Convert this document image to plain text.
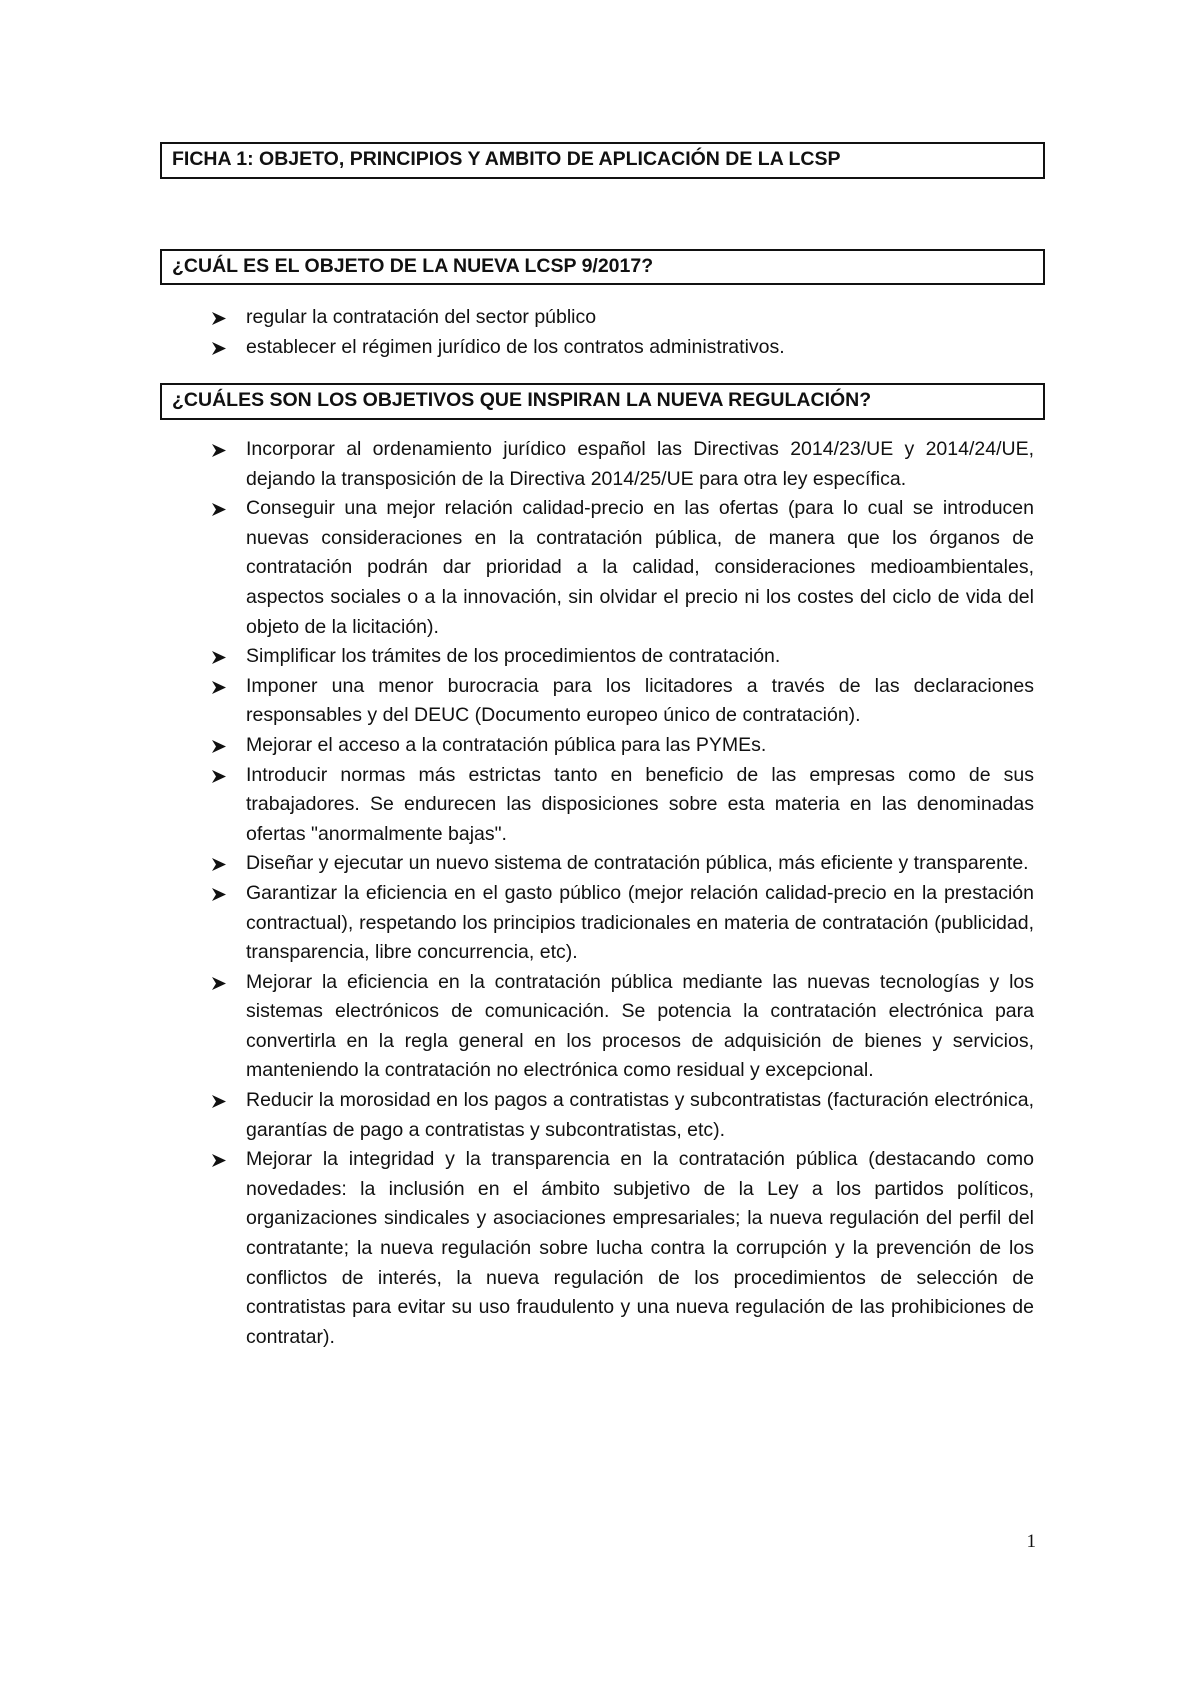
FICHA 1: OBJETO, PRINCIPIOS Y AMBITO DE APLICACIÓN DE LA LCSP
¿CUÁL ES EL OBJETO DE LA NUEVA LCSP 9/2017?
regular la contratación del sector público
establecer el régimen jurídico de los contratos administrativos.
¿CUÁLES SON LOS OBJETIVOS QUE INSPIRAN LA NUEVA REGULACIÓN?
Incorporar al ordenamiento jurídico español las Directivas 2014/23/UE y 2014/24/UE, dejando la transposición de la Directiva 2014/25/UE para otra ley específica.
Conseguir una mejor relación calidad-precio en las ofertas (para lo cual se introducen nuevas consideraciones en la contratación pública, de manera que los órganos de contratación podrán dar prioridad a la calidad, consideraciones medioambientales, aspectos sociales o a la innovación, sin olvidar el precio ni los costes del ciclo de vida del objeto de la licitación).
Simplificar los trámites de los procedimientos de contratación.
Imponer una menor burocracia para los licitadores a través de las declaraciones responsables y del DEUC (Documento europeo único de contratación).
Mejorar el acceso a la contratación pública para las PYMEs.
Introducir normas más estrictas tanto en beneficio de las empresas como de sus trabajadores. Se endurecen las disposiciones sobre esta materia en las denominadas ofertas "anormalmente bajas".
Diseñar y ejecutar un nuevo sistema de contratación pública, más eficiente y transparente.
Garantizar la eficiencia en el gasto público (mejor relación calidad-precio en la prestación contractual), respetando los principios tradicionales en materia de contratación (publicidad, transparencia, libre concurrencia, etc).
Mejorar la eficiencia en la contratación pública mediante las nuevas tecnologías y los sistemas electrónicos de comunicación. Se potencia la contratación electrónica para convertirla en la regla general en los procesos de adquisición de bienes y servicios, manteniendo la contratación no electrónica como residual y excepcional.
Reducir la morosidad en los pagos a contratistas y subcontratistas (facturación electrónica, garantías de pago a contratistas y subcontratistas, etc).
Mejorar la integridad y la transparencia en la contratación pública (destacando como novedades: la inclusión en el ámbito subjetivo de la Ley a los partidos políticos, organizaciones sindicales y asociaciones empresariales; la nueva regulación del perfil del contratante; la nueva regulación sobre lucha contra la corrupción y la prevención de los conflictos de interés, la nueva regulación de los procedimientos de selección de contratistas para evitar su uso fraudulento y una nueva regulación de las prohibiciones de contratar).
1
